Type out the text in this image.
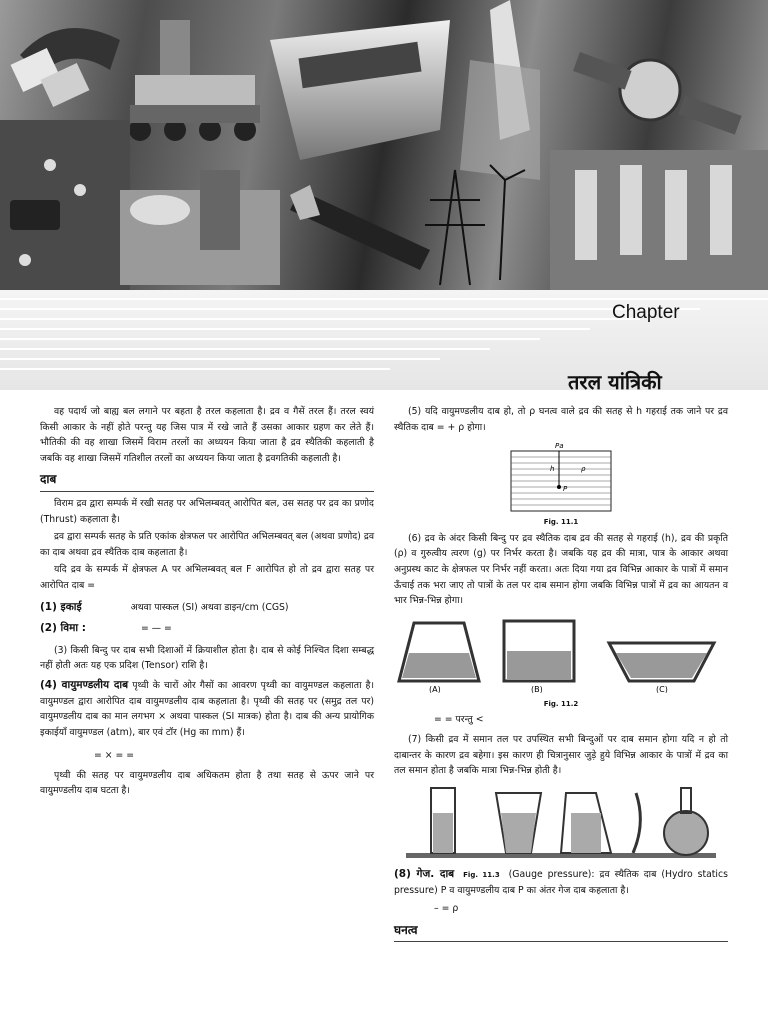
Chapter
तरल यांत्रिकी

वह पदार्थ जो बाह्य बल लगाने पर बहता है तरल कहलाता है। द्रव व गैसें तरल हैं। तरल स्वयं किसी आकार के नहीं होते परन्तु यह जिस पात्र में रखे जाते हैं उसका आकार ग्रहण कर लेते हैं। भौतिकी की वह शाखा जिसमें विराम तरलों का अध्ययन किया जाता है द्रव स्थैतिकी कहलाती है जबकि वह शाखा जिसमें गतिशील तरलों का अध्ययन किया जाता है द्रवगतिकी कहलाती है।

दाब

विराम द्रव द्वारा सम्पर्क में रखी सतह पर अभिलम्बवत् आरोपित बल, उस सतह पर द्रव का प्रणोद (Thrust) कहलाता है।

द्रव द्वारा सम्पर्क सतह के प्रति एकांक क्षेत्रफल पर आरोपित अभिलम्बवत् बल (अथवा प्रणोद) द्रव का दाब अथवा द्रव स्थैतिक दाब कहलाता है।

यदि द्रव के सम्पर्क में क्षेत्रफल A पर अभिलम्बवत् बल F आरोपित हो तो द्रव द्वारा सतह पर आरोपित दाब =

(1) इकाई	अथवा पास्कल (SI) अथवा डाइन/cm (CGS)

(2) विमा :	= — =

(3) किसी बिन्दु पर दाब सभी दिशाओं में क्रियाशील होता है। दाब से कोई निश्चित दिशा सम्बद्ध नहीं होती अतः यह एक प्रदिश (Tensor) राशि है।

(4) वायुमण्डलीय दाब पृथ्वी के चारों ओर गैसों का आवरण पृथ्वी का वायुमण्डल कहलाता है। वायुमण्डल द्वारा आरोपित दाब वायुमण्डलीय दाब कहलाता है। पृथ्वी की सतह पर (समुद्र तल पर) वायुमण्डलीय दाब का मान लगभग × अथवा पास्कल (SI मात्रक) होता है। दाब की अन्य प्रायोगिक इकाईयाँ वायुमण्डल (atm), बार एवं टॉर (Hg का mm) हैं।

= × = =

पृथ्वी की सतह पर वायुमण्डलीय दाब अधिकतम होता है तथा सतह से ऊपर जाने पर वायुमण्डलीय दाब घटता है।

(5) यदि वायुमण्डलीय दाब हो, तो ρ घनत्व वाले द्रव की सतह से h गहराई तक जाने पर द्रव स्थैतिक दाब = + ρ होगा।

Pa
h	ρ
P
Fig. 11.1

(6) द्रव के अंदर किसी बिन्दु पर द्रव स्थैतिक दाब द्रव की सतह से गहराई (h), द्रव की प्रकृति (ρ) व गुरुत्वीय त्वरण (g) पर निर्भर करता है। जबकि यह द्रव की मात्रा, पात्र के आकार अथवा अनुप्रस्थ काट के क्षेत्रफल पर निर्भर नहीं करता। अतः दिया गया द्रव विभिन्न आकार के पात्रों में समान ऊँचाई तक भरा जाए तो पात्रों के तल पर दाब समान होगा जबकि विभिन्न पात्रों में द्रव का आयतन व भार भिन्न-भिन्न होगा।

(A)	(B)	(C)
Fig. 11.2

= = परन्तु <

(7) किसी द्रव में समान तल पर उपस्थित सभी बिन्दुओं पर दाब समान होगा यदि न हो तो दाबान्तर के कारण द्रव बहेगा। इस कारण ही चित्रानुसार जुड़े हुये विभिन्न आकार के पात्रों में द्रव का तल समान होता है जबकि मात्रा भिन्न-भिन्न होती है।

(8) गेज. दाब Fig. 11.3 (Gauge pressure): द्रव स्थैतिक दाब (Hydro statics pressure) P व वायुमण्डलीय दाब P का अंतर गेज दाब कहलाता है।

– = ρ

घनत्व
